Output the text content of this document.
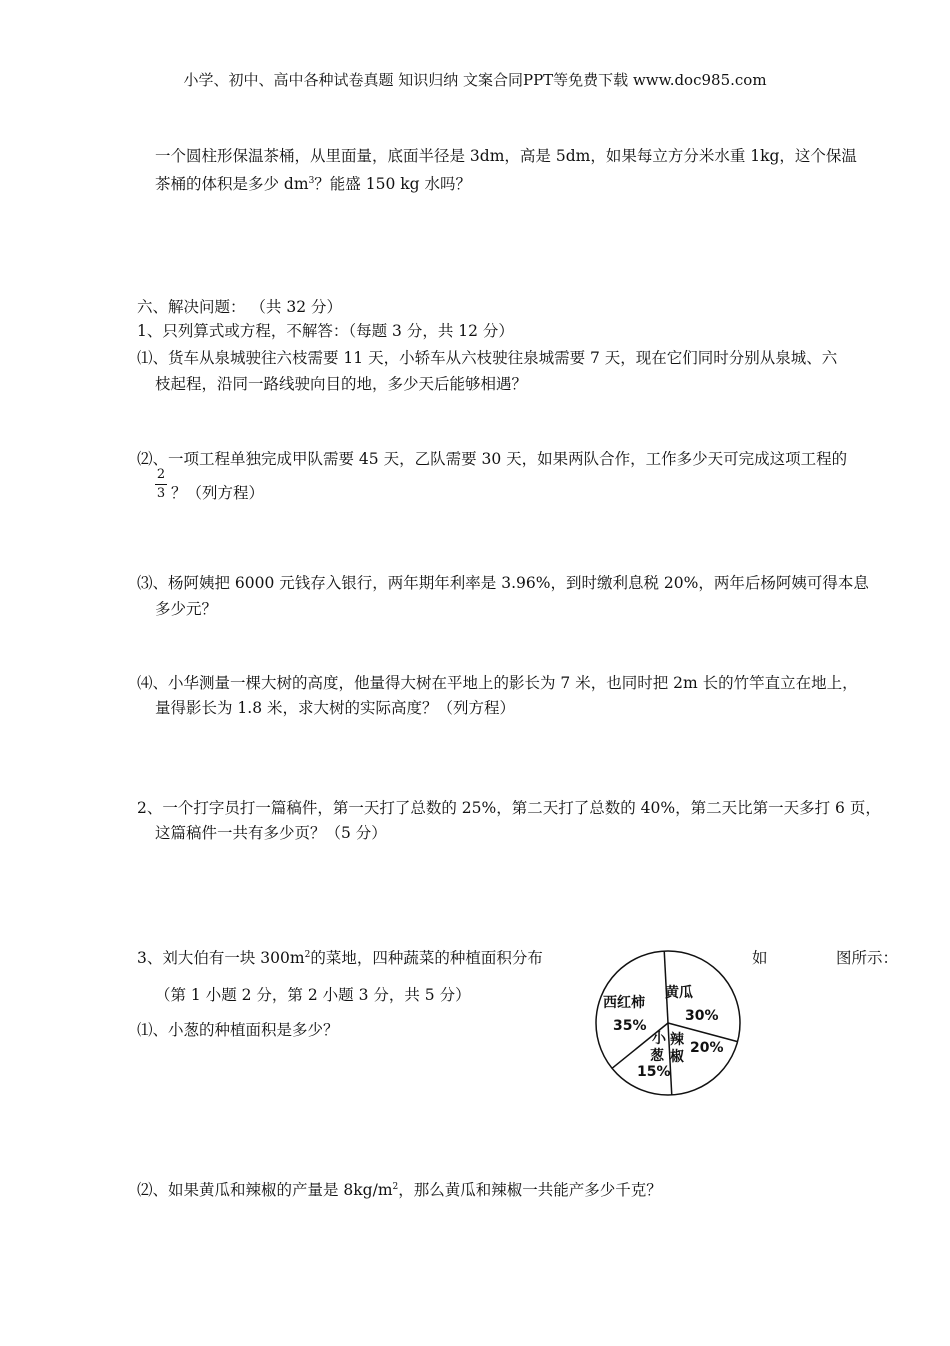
小学、初中、高中各种试卷真题 知识归纳 文案合同PPT等免费下载 www.doc985.com
一个圆柱形保温茶桶，从里面量，底面半径是 3dm，高是 5dm，如果每立方分米水重 1kg，这个保温
茶桶的体积是多少 $dm^3$？能盛 150 kg 水吗？
六、解决问题： （共 32 分）
1、只列算式或方程，不解答：（每题 3 分，共 12 分）
⑴、货车从泉城驶往六枝需要 11 天，小轿车从六枝驶往泉城需要 7 天，现在它们同时分别从泉城、六
枝起程，沿同一路线驶向目的地，多少天后能够相遇？
⑵、一项工程单独完成甲队需要 45 天，乙队需要 30 天，如果两队合作，工作多少天可完成这项工程的
2
3 ？（列方程）
⑶、杨阿姨把 6000 元钱存入银行，两年期年利率是 3.96%，到时缴利息税 20%，两年后杨阿姨可得本息
多少元？
⑷、小华测量一棵大树的高度，他量得大树在平地上的影长为 7 米，也同时把 2m 长的竹竿直立在地上，
量得影长为 1.8 米，求大树的实际高度？（列方程）
2、一个打字员打一篇稿件，第一天打了总数的 25%，第二天打了总数的 40%，第二天比第一天多打 6 页，
这篇稿件一共有多少页？（5 分）
3、刘大伯有一块 $300m^2$的菜地，四种蔬菜的种植面积分布	如	图所示：
（第 1 小题 2 分，第 2 小题 3 分，共 5 分）
⑴、小葱的种植面积是多少？
⑵、如果黄瓜和辣椒的产量是 $8kg/m^2$，那么黄瓜和辣椒一共能产多少千克？
黄瓜
30%
辣
椒
20%
小
葱
15%
西红柿
35%
